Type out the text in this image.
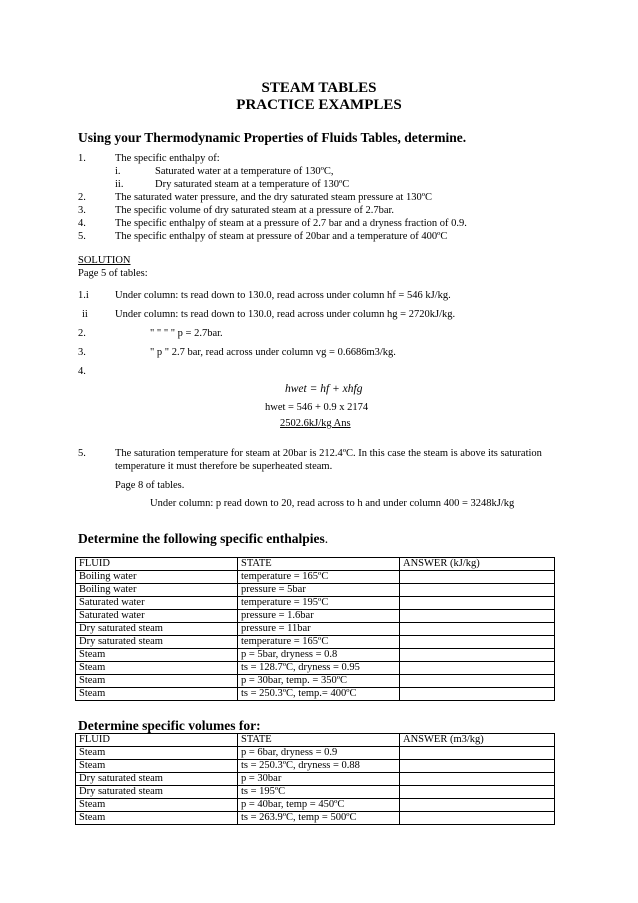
STEAM TABLES
PRACTICE EXAMPLES
Using your Thermodynamic Properties of Fluids Tables, determine.
1.	The specific enthalpy of:
i.	Saturated water at a temperature of 130ºC,
ii.	Dry saturated steam at a temperature of 130ºC
2.	The saturated water pressure, and the dry saturated steam pressure at 130ºC
3.	The specific volume of dry saturated steam at a pressure of 2.7bar.
4.	The specific enthalpy of steam at a pressure of 2.7 bar and a dryness fraction of 0.9.
5.	The specific enthalpy of steam at pressure of 20bar and a temperature of 400ºC
SOLUTION
Page 5 of tables:
1.i Under column: ts read down to 130.0, read across under column hf = 546 kJ/kg.
ii	Under column: ts read down to 130.0, read across under column hg = 2720kJ/kg.
2.	" " " " p = 2.7bar.
3.	" p " 2.7 bar, read across under column vg = 0.6686m3/kg.
4.
hwet = hf + xhfg
hwet = 546 + 0.9 x 2174
2502.6kJ/kg Ans
5.	The saturation temperature for steam at 20bar is 212.4ºC. In this case the steam is above its saturation
temperature it must therefore be superheated steam.
Page 8 of tables.
Under column: p read down to 20, read across to h and under column 400 = 3248kJ/kg
Determine the following specific enthalpies.
FLUID	STATE	ANSWER (kJ/kg)
Boiling water	temperature = 165ºC	
Boiling water	pressure = 5bar	
Saturated water	temperature = 195ºC	
Saturated water	pressure = 1.6bar	
Dry saturated steam	pressure = 11bar	
Dry saturated steam	temperature = 165ºC	
Steam	p = 5bar, dryness = 0.8	
Steam	ts = 128.7ºC, dryness = 0.95	
Steam	p = 30bar, temp. = 350ºC	
Steam	ts = 250.3ºC, temp.= 400ºC	
Determine specific volumes for:
FLUID	STATE	ANSWER (m3/kg)
Steam	p = 6bar, dryness = 0.9	
Steam	ts = 250.3ºC, dryness = 0.88	
Dry saturated steam	p = 30bar	
Dry saturated steam	ts = 195ºC	
Steam	p = 40bar, temp = 450ºC	
Steam	ts = 263.9ºC, temp = 500ºC	
